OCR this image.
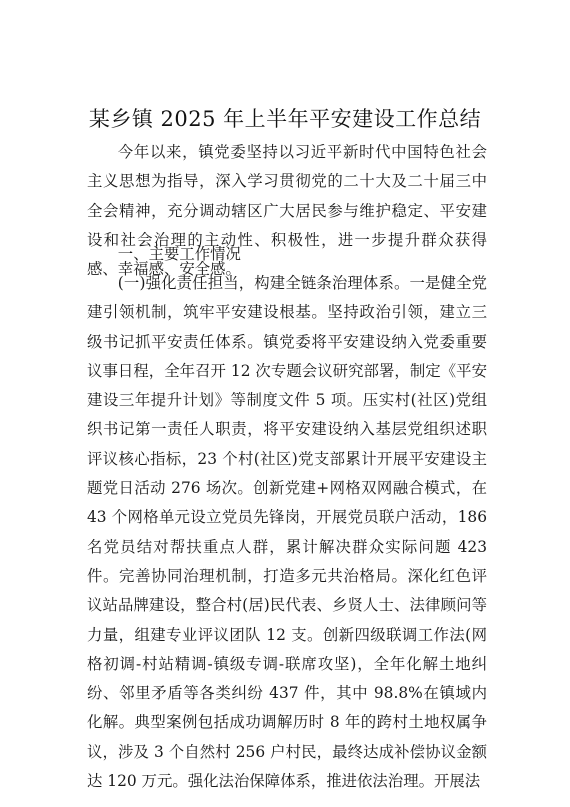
某乡镇 2025 年上半年平安建设工作总结

今年以来，镇党委坚持以习近平新时代中国特色社会主义思想为指导，深入学习贯彻党的二十大及二十届三中全会精神，充分调动辖区广大居民参与维护稳定、平安建设和社会治理的主动性、积极性，进一步提升群众获得感、幸福感、安全感。

一、主要工作情况

(一)强化责任担当，构建全链条治理体系。一是健全党建引领机制，筑牢平安建设根基。坚持政治引领，建立三级书记抓平安责任体系。镇党委将平安建设纳入党委重要议事日程，全年召开 12 次专题会议研究部署，制定《平安建设三年提升计划》等制度文件 5 项。压实村(社区)党组织书记第一责任人职责，将平安建设纳入基层党组织述职评议核心指标，23 个村(社区)党支部累计开展平安建设主题党日活动 276 场次。创新党建+网格双网融合模式，在 43 个网格单元设立党员先锋岗，开展党员联户活动，186 名党员结对帮扶重点人群，累计解决群众实际问题 423 件。完善协同治理机制，打造多元共治格局。深化红色评议站品牌建设，整合村(居)民代表、乡贤人士、法律顾问等力量，组建专业评议团队 12 支。创新四级联调工作法(网格初调-村站精调-镇级专调-联席攻坚)，全年化解土地纠纷、邻里矛盾等各类纠纷 437 件，其中 98.8%在镇域内化解。典型案例包括成功调解历时 8 年的跨村土地权属争议，涉及 3 个自然村 256 户村民，最终达成补偿协议金额达 120 万元。强化法治保障体系，推进依法治理。开展法
